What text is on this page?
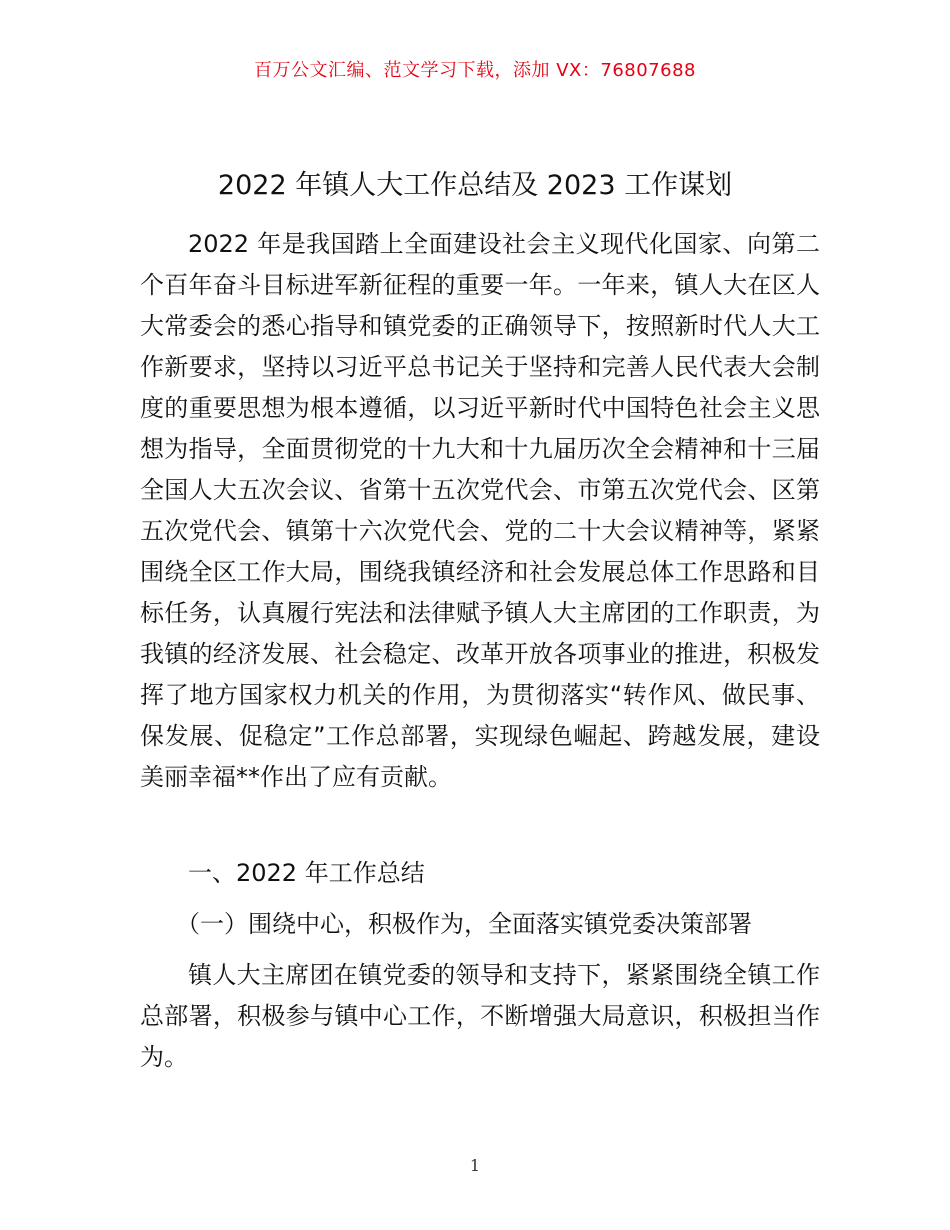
百万公文汇编、范文学习下载，添加 VX：76807688
2022 年镇人大工作总结及 2023 工作谋划

2022 年是我国踏上全面建设社会主义现代化国家、向第二个百年奋斗目标进军新征程的重要一年。一年来，镇人大在区人大常委会的悉心指导和镇党委的正确领导下，按照新时代人大工作新要求，坚持以习近平总书记关于坚持和完善人民代表大会制度的重要思想为根本遵循，以习近平新时代中国特色社会主义思想为指导，全面贯彻党的十九大和十九届历次全会精神和十三届全国人大五次会议、省第十五次党代会、市第五次党代会、区第五次党代会、镇第十六次党代会、党的二十大会议精神等，紧紧围绕全区工作大局，围绕我镇经济和社会发展总体工作思路和目标任务，认真履行宪法和法律赋予镇人大主席团的工作职责，为我镇的经济发展、社会稳定、改革开放各项事业的推进，积极发挥了地方国家权力机关的作用，为贯彻落实“转作风、做民事、保发展、促稳定”工作总部署，实现绿色崛起、跨越发展，建设美丽幸福**作出了应有贡献。

一、2022 年工作总结

（一）围绕中心，积极作为，全面落实镇党委决策部署

镇人大主席团在镇党委的领导和支持下，紧紧围绕全镇工作总部署，积极参与镇中心工作，不断增强大局意识，积极担当作为。

1
